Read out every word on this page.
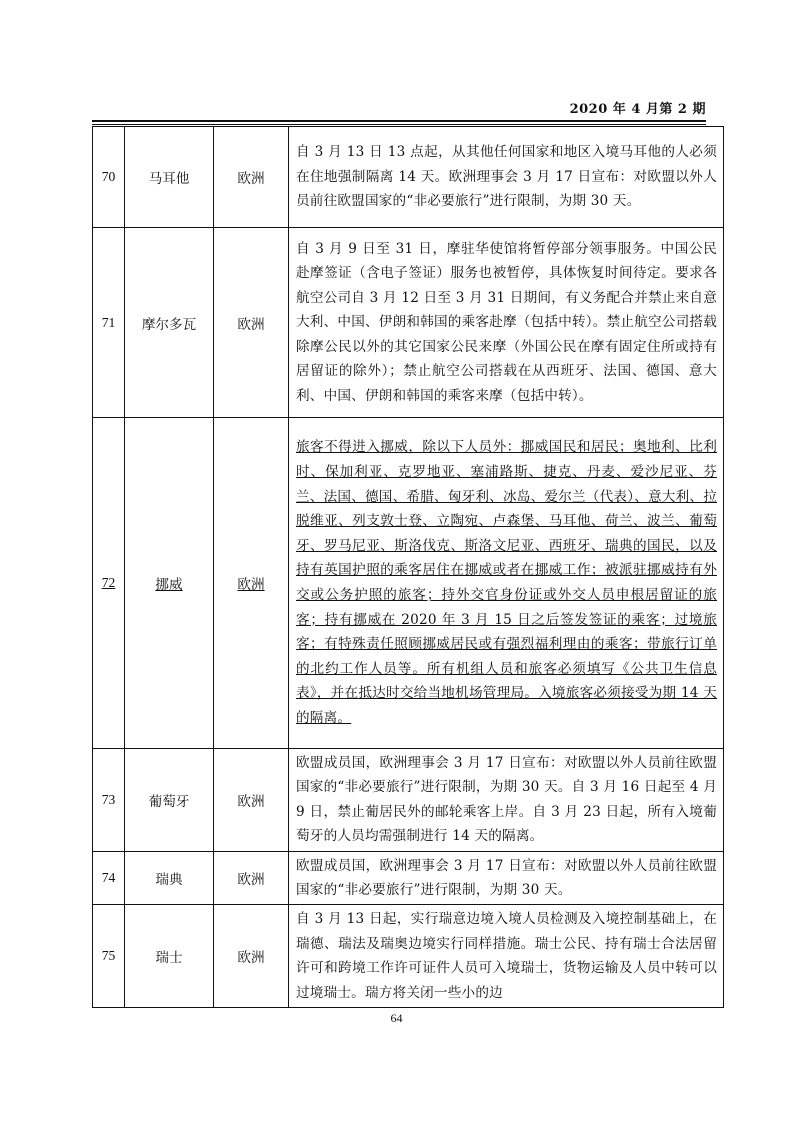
2020 年 4 月第 2 期
70	马耳他	欧洲	自 3 月 13 日 13 点起，从其他任何国家和地区入境马耳他的人必须在住地强制隔离 14 天。欧洲理事会 3 月 17 日宣布：对欧盟以外人员前往欧盟国家的“非必要旅行”进行限制，为期 30 天。
71	摩尔多瓦	欧洲	自 3 月 9 日至 31 日，摩驻华使馆将暂停部分领事服务。中国公民赴摩签证（含电子签证）服务也被暂停，具体恢复时间待定。要求各航空公司自 3 月 12 日至 3 月 31 日期间，有义务配合并禁止来自意大利、中国、伊朗和韩国的乘客赴摩（包括中转）。禁止航空公司搭载除摩公民以外的其它国家公民来摩（外国公民在摩有固定住所或持有居留证的除外）；禁止航空公司搭载在从西班牙、法国、德国、意大利、中国、伊朗和韩国的乘客来摩（包括中转）。
72	挪威	欧洲	旅客不得进入挪威，除以下人员外：挪威国民和居民；奥地利、比利时、保加利亚、克罗地亚、塞浦路斯、捷克、丹麦、爱沙尼亚、芬兰、法国、德国、希腊、匈牙利、冰岛、爱尔兰（代表）、意大利、拉脱维亚、列支敦士登、立陶宛、卢森堡、马耳他、荷兰、波兰、葡萄牙、罗马尼亚、斯洛伐克、斯洛文尼亚、西班牙、瑞典的国民，以及持有英国护照的乘客居住在挪威或者在挪威工作；被派驻挪威持有外交或公务护照的旅客；持外交官身份证或外交人员申根居留证的旅客；持有挪威在 2020 年 3 月 15 日之后签发签证的乘客；过境旅客；有特殊责任照顾挪威居民或有强烈福利理由的乘客；带旅行订单的北约工作人员等。所有机组人员和旅客必须填写《公共卫生信息表》，并在抵达时交给当地机场管理局。入境旅客必须接受为期 14 天的隔离。
73	葡萄牙	欧洲	欧盟成员国，欧洲理事会 3 月 17 日宣布：对欧盟以外人员前往欧盟国家的“非必要旅行”进行限制，为期 30 天。自 3 月 16 日起至 4 月 9 日，禁止葡居民外的邮轮乘客上岸。自 3 月 23 日起，所有入境葡萄牙的人员均需强制进行 14 天的隔离。
74	瑞典	欧洲	欧盟成员国，欧洲理事会 3 月 17 日宣布：对欧盟以外人员前往欧盟国家的“非必要旅行”进行限制，为期 30 天。
75	瑞士	欧洲	自 3 月 13 日起，实行瑞意边境入境人员检测及入境控制基础上，在瑞德、瑞法及瑞奥边境实行同样措施。瑞士公民、持有瑞士合法居留许可和跨境工作许可证件人员可入境瑞士，货物运输及人员中转可以过境瑞士。瑞方将关闭一些小的边
64
